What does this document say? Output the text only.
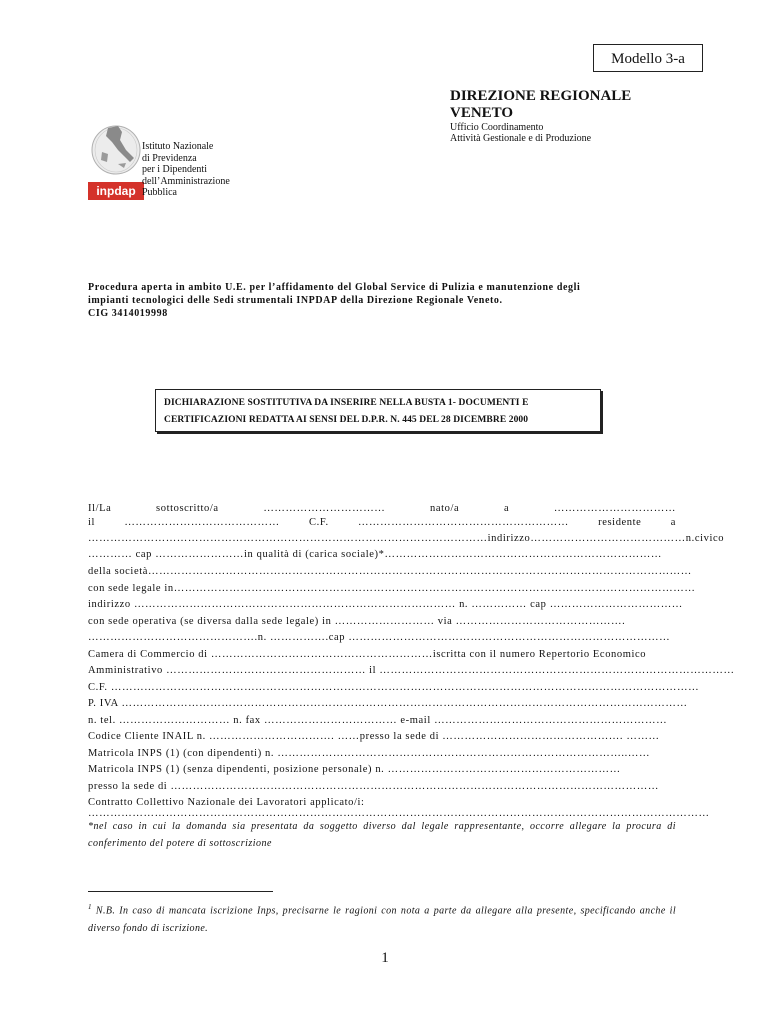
Modello 3-a
DIREZIONE REGIONALE
VENETO
Ufficio Coordinamento
Attività Gestionale e di Produzione
inpdap
Istituto Nazionale
di Previdenza
per i Dipendenti
dell’Amministrazione
Pubblica
Procedura aperta in ambito U.E. per l’affidamento del Global Service di Pulizia e manutenzione degli
impianti tecnologici delle Sedi strumentali INPDAP della Direzione Regionale Veneto.
CIG 3414019998
DICHIARAZIONE SOSTITUTIVA DA INSERIRE NELLA BUSTA 1- DOCUMENTI E
CERTIFICAZIONI REDATTA AI SENSI DEL D.P.R. N. 445 DEL 28 DICEMBRE 2000
Il/La	sottoscritto/a	……………………………	nato/a	a	……………………………
il	……………………………………	C.F.	…………………………………………………	residente	a
……………………………………………………………………………………………… indirizzo …………………………………… n. civico
………… cap ……………………in qualità di (carica sociale)*…………………………………………………………………
della società…………………………………………………………………………………………………………………………………
con sede legale in……………………………………………………………………………………………………………………………
indirizzo …………………………………………………………………………… n. …………… cap ………………………………
con sede operativa (se diversa dalla sede legale) in ……………………… via ……………………………………….
……………………………………….n. …………….cap ……………………………………………………………………………
Camera di Commercio di ……………………………………………………iscritta con il numero Repertorio Economico
Amministrativo ……………………………………………… il ……………………………………………………………………………………
C.F. ……………………………………………………………………………………………………………………………………………
P. IVA ………………………………………………………………………………………………………………………………………
n. tel. ………………………… n. fax ……………………………… e-mail ………………………………………………………
Codice Cliente INAIL n. ……………………………. ……presso la sede di …………………………………………. ………
Matricola INPS (1) (con dipendenti) n. …………………………………………………………………………………..……
Matricola INPS (1) (senza dipendenti, posizione personale) n. ………………………………………………………
presso la sede di ……………………………………………………………………………………………………………………
Contratto Collettivo Nazionale dei Lavoratori applicato/i:
……………………………………………………………………………………………………………………………………………………
*nel caso in cui la domanda sia presentata da soggetto diverso dal legale rappresentante, occorre allegare la procura di conferimento del potere di sottoscrizione
$^1$ N.B. In caso di mancata iscrizione Inps, precisarne le ragioni con nota a parte da allegare alla presente, specificando anche il diverso fondo di iscrizione.
1
